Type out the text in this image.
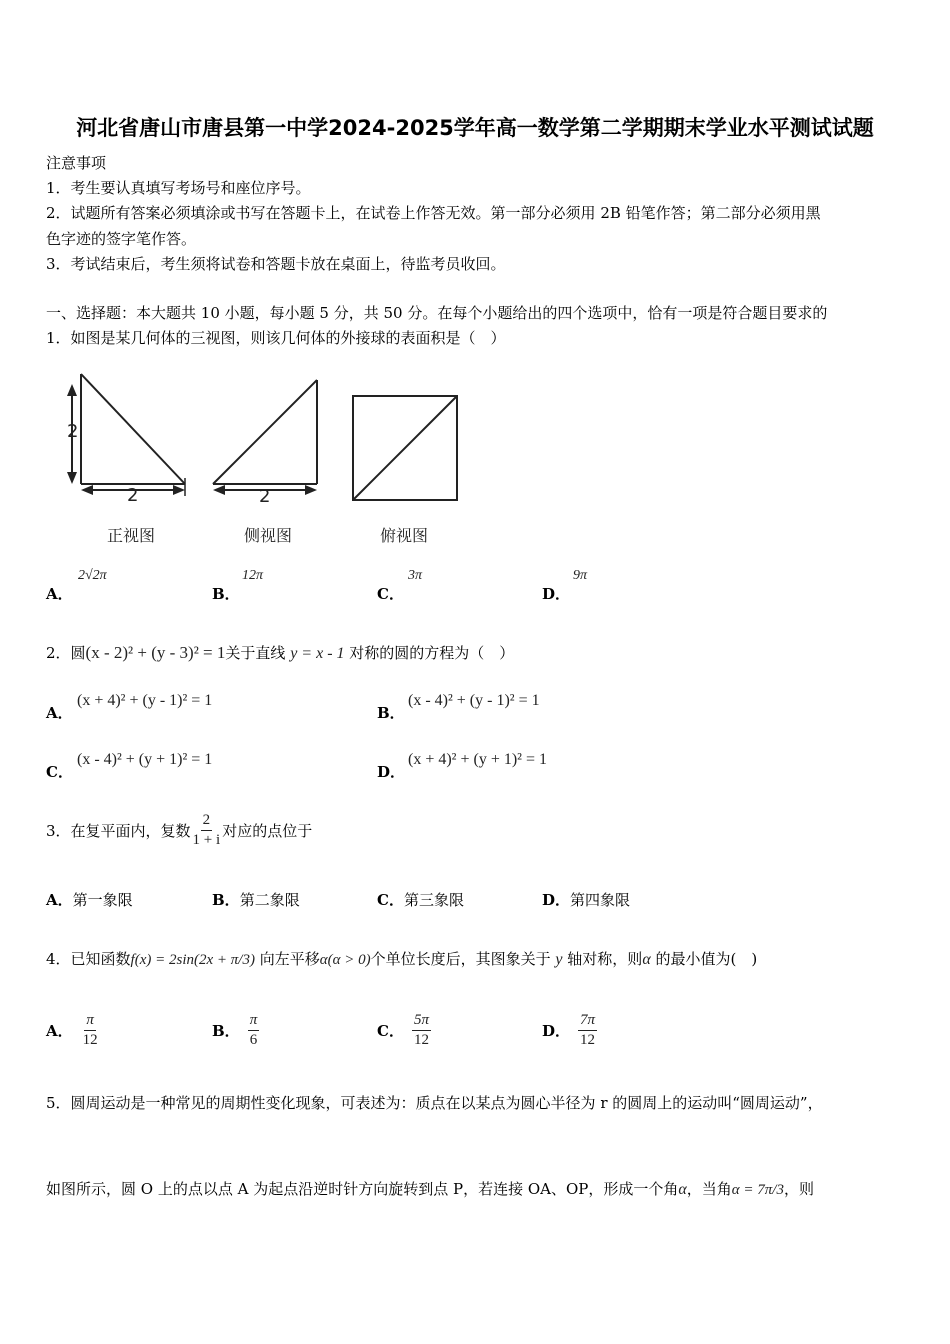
河北省唐山市唐县第一中学2024-2025学年高一数学第二学期期末学业水平测试试题
注意事项
1．考生要认真填写考场号和座位序号。
2．试题所有答案必须填涂或书写在答题卡上，在试卷上作答无效。第一部分必须用 2B 铅笔作答；第二部分必须用黑
色字迹的签字笔作答。
3．考试结束后，考生须将试卷和答题卡放在桌面上，待监考员收回。
一、选择题：本大题共 10 小题，每小题 5 分，共 50 分。在每个小题给出的四个选项中，恰有一项是符合题目要求的
1．如图是某几何体的三视图，则该几何体的外接球的表面积是（　）
2
2	2
正视图	侧视图	俯视图
A．
2√2π
B．
12π
C．
3π
D．
9π
2．圆(x - 2)² + (y - 3)² = 1关于直线 y = x - 1 对称的圆的方程为（　）
A．
(x + 4)² + (y - 1)² = 1
B．
(x - 4)² + (y - 1)² = 1
C．
(x - 4)² + (y + 1)² = 1
D．
(x + 4)² + (y + 1)² = 1
3．在复平面内，复数 $\frac{2}{1 + i}$ 对应的点位于
A．第一象限	B．第二象限	C．第三象限	D．第四象限
4．已知函数f(x) = 2sin(2x + π/3) 向左平移α(α > 0)个单位长度后，其图象关于 y 轴对称，则α 的最小值为(　)
A． $\frac{\pi}{12}$	B． $\frac{\pi}{6}$	C． $\frac{5\pi}{12}$	D． $\frac{7\pi}{12}$
5．圆周运动是一种常见的周期性变化现象，可表述为：质点在以某点为圆心半径为 r 的圆周上的运动叫“圆周运动”，
如图所示，圆 O 上的点以点 A 为起点沿逆时针方向旋转到点 P，若连接 OA、OP，形成一个角α，当角α = 7π/3，则
